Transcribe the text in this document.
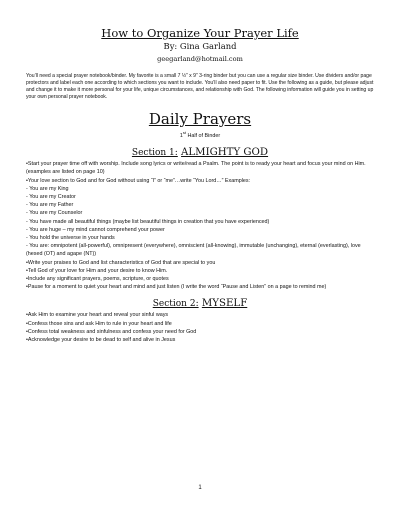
How to Organize Your Prayer Life
By: Gina Garland
geegarland@hotmail.com
You’ll need a special prayer notebook/binder. My favorite is a small 7 ½” x 9” 3-ring binder but you can use a regular size binder. Use dividers and/or page protectors and label each one according to which sections you want to include. You’ll also need paper to fit. Use the following as a guide, but please adjust and change it to make it more personal for your life, unique circumstances, and relationship with God. The following information will guide you in setting up your own personal prayer notebook.
Daily Prayers
1st Half of Binder
Section 1: ALMIGHTY GOD
•Start your prayer time off with worship. Include song lyrics or write/read a Psalm. The point is to ready your heart and focus your mind on Him. (examples are listed on page 10)
•Your love section to God and for God without using “I” or “me”…write “You Lord…” Examples:
- You are my King
- You are my Creator
- You are my Father
- You are my Counselor
- You have made all beautiful things (maybe list beautiful things in creation that you have experienced)
- You are huge – my mind cannot comprehend your power
- You hold the universe in your hands
- You are: omnipotent (all-powerful), omnipresent (everywhere), omniscient (all-knowing), immutable (unchanging), eternal (everlasting), love (hesed (OT) and agape (NT))
•Write your praises to God and list characteristics of God that are special to you
•Tell God of your love for Him and your desire to know Him.
•Include any significant prayers, poems, scripture, or quotes
•Pause for a moment to quiet your heart and mind and just listen (I write the word “Pause and Listen” on a page to remind me)
Section 2: MYSELF
•Ask Him to examine your heart and reveal your sinful ways
•Confess those sins and ask Him to rule in your heart and life
•Confess total weakness and sinfulness and confess your need for God
•Acknowledge your desire to be dead to self and alive in Jesus
1
